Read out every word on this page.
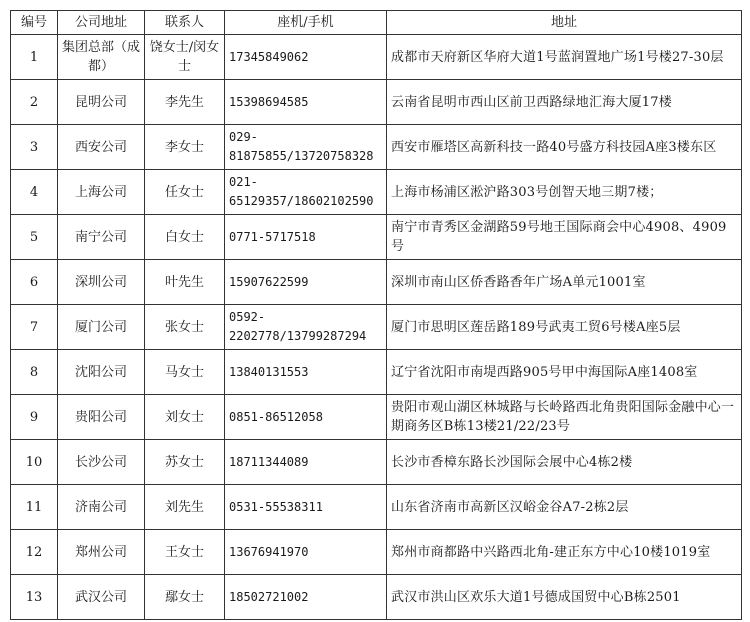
编号	公司地址	联系人	座机/手机	地址
1	集团总部（成都）	饶女士/闵女士	17345849062	成都市天府新区华府大道1号蓝润置地广场1号楼27-30层
2	昆明公司	李先生	15398694585	云南省昆明市西山区前卫西路绿地汇海大厦17楼
3	西安公司	李女士	029-81875855/13720758328	西安市雁塔区高新科技一路40号盛方科技园A座3楼东区
4	上海公司	任女士	021-65129357/18602102590	上海市杨浦区淞沪路303号创智天地三期7楼；
5	南宁公司	白女士	0771-5717518	南宁市青秀区金湖路59号地王国际商会中心4908、4909号
6	深圳公司	叶先生	15907622599	深圳市南山区侨香路香年广场A单元1001室
7	厦门公司	张女士	0592-2202778/13799287294	厦门市思明区莲岳路189号武夷工贸6号楼A座5层
8	沈阳公司	马女士	13840131553	辽宁省沈阳市南堤西路905号甲中海国际A座1408室
9	贵阳公司	刘女士	0851-86512058	贵阳市观山湖区林城路与长岭路西北角贵阳国际金融中心一期商务区B栋13楼21/22/23号
10	长沙公司	苏女士	18711344089	长沙市香樟东路长沙国际会展中心4栋2楼
11	济南公司	刘先生	0531-55538311	山东省济南市高新区汉峪金谷A7-2栋2层
12	郑州公司	王女士	13676941970	郑州市商都路中兴路西北角-建正东方中心10楼1019室
13	武汉公司	鄢女士	18502721002	武汉市洪山区欢乐大道1号德成国贸中心B栋2501
